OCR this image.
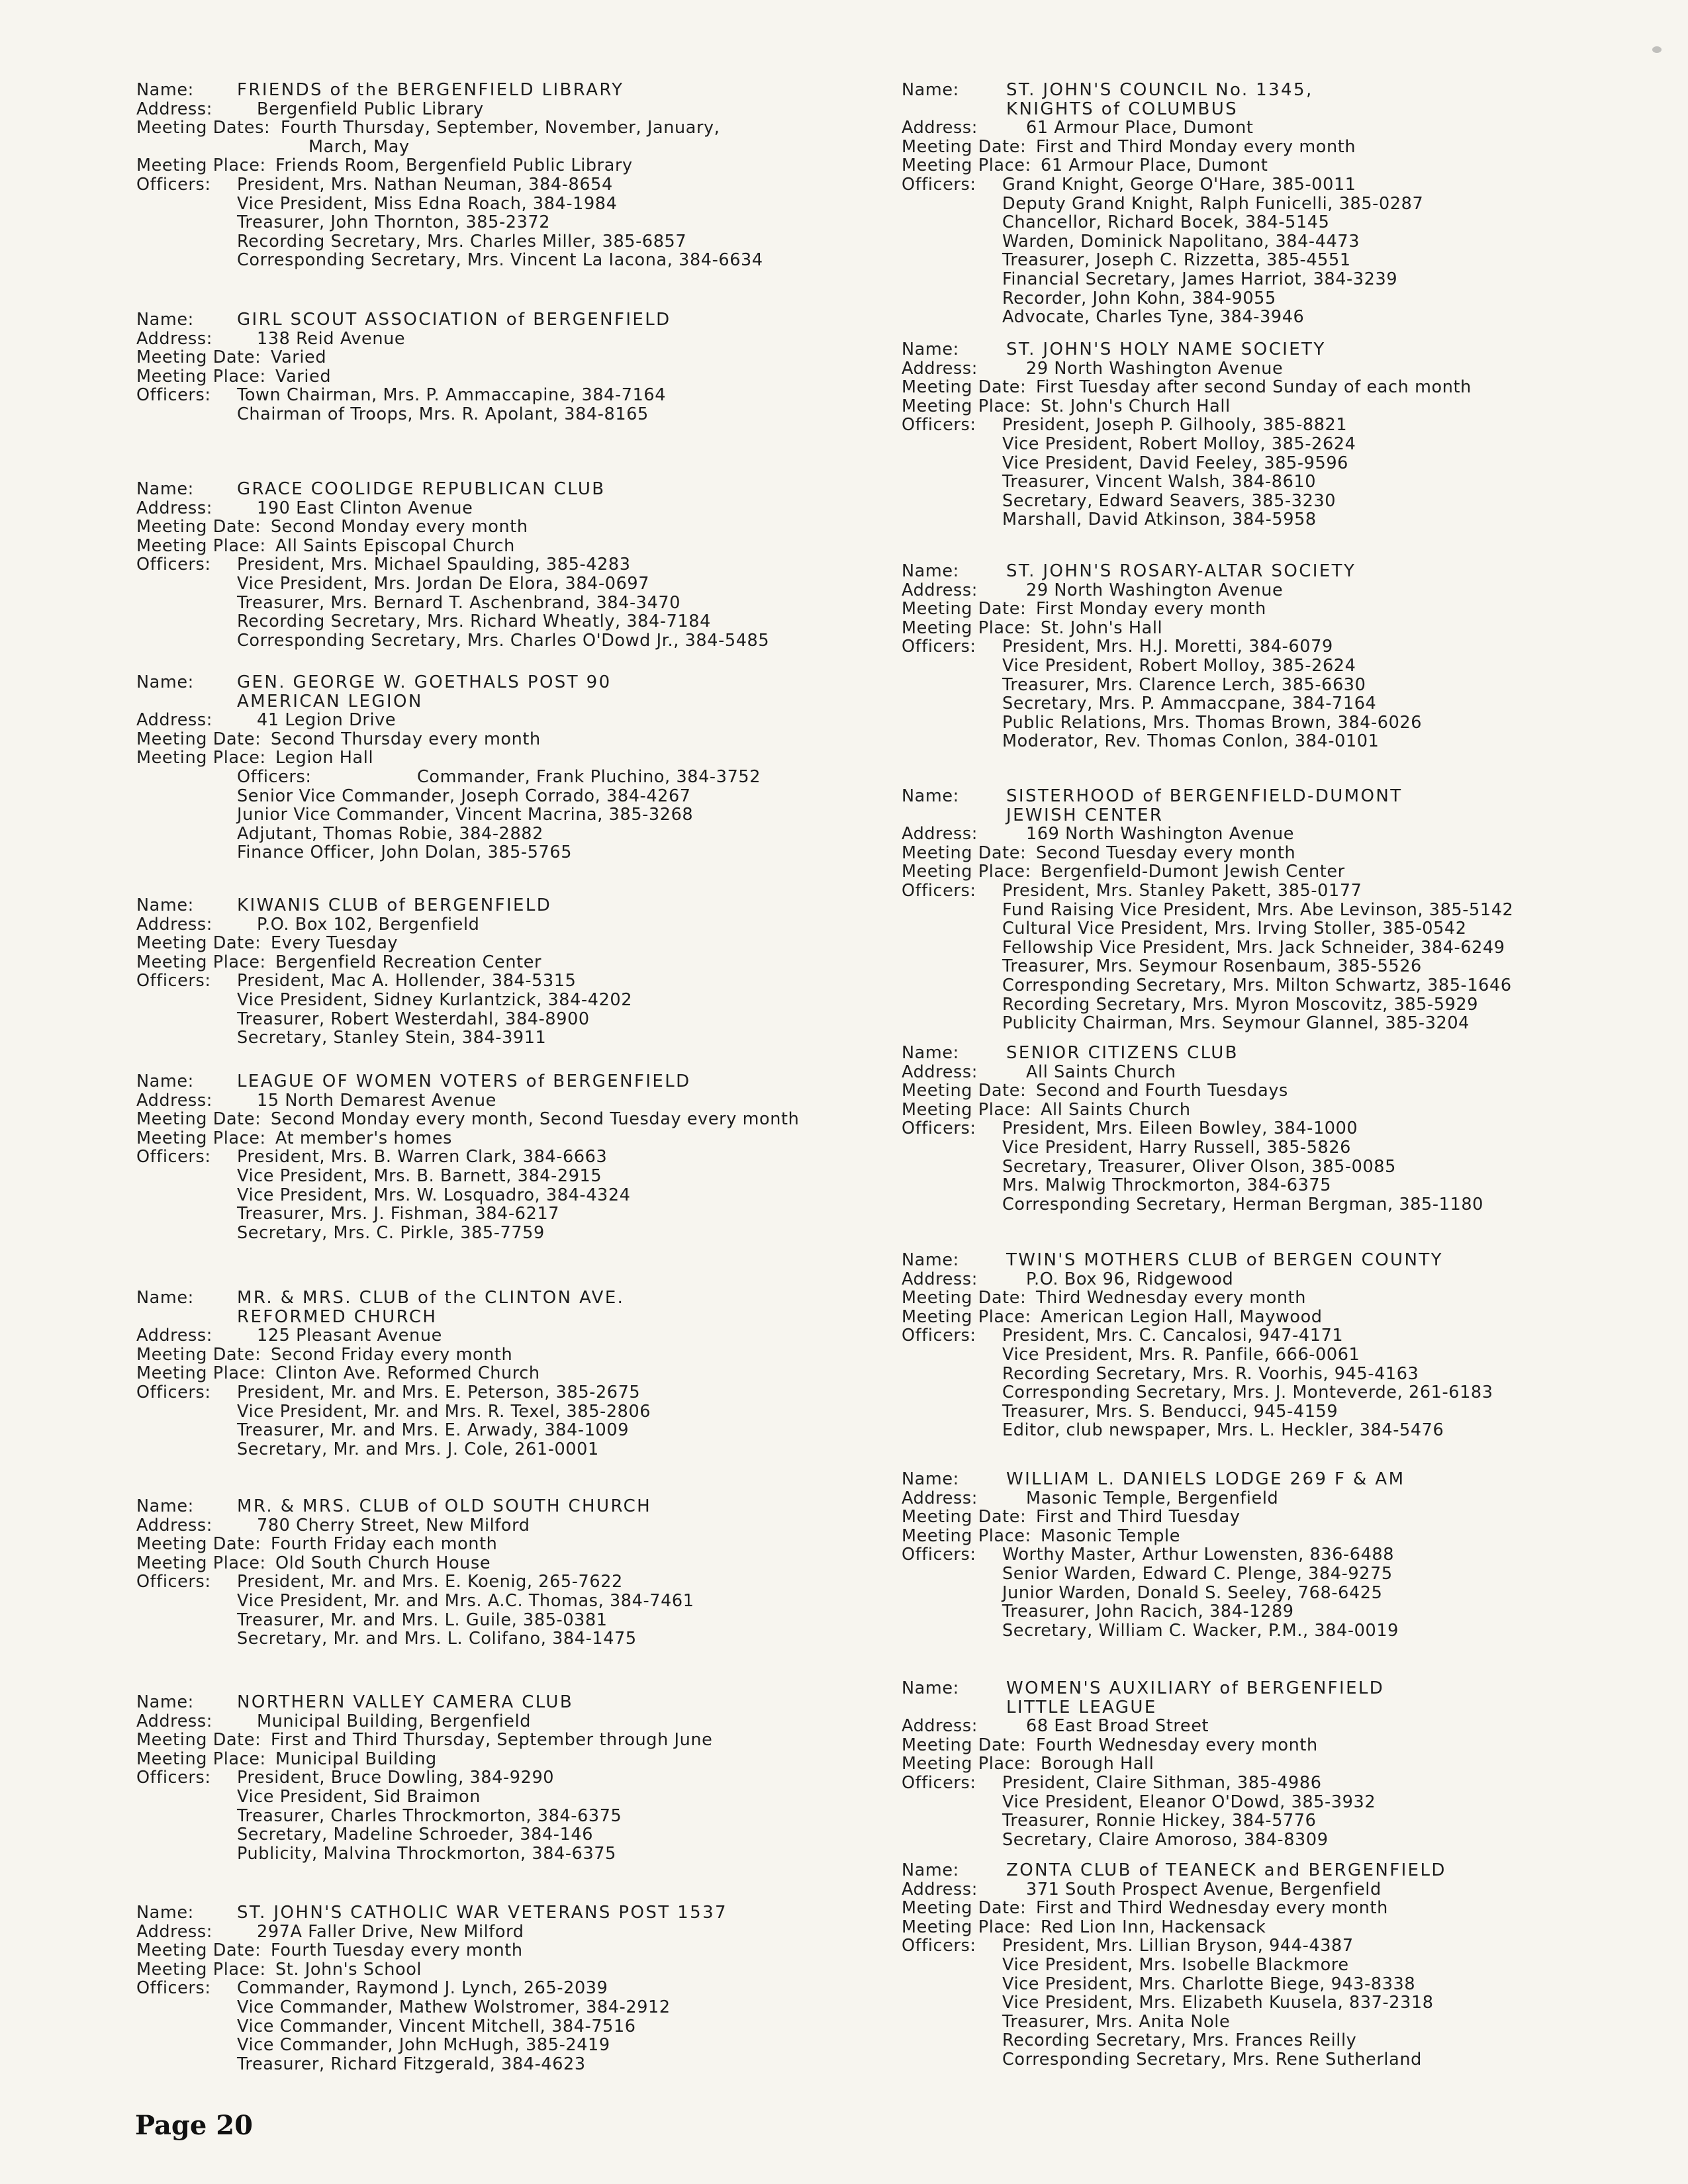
Name:	FRIENDS of the BERGENFIELD LIBRARY
Address:	Bergenfield Public Library
Meeting Dates: Fourth Thursday, September, November, January,
March, May
Meeting Place: Friends Room, Bergenfield Public Library
Officers: President, Mrs. Nathan Neuman, 384-8654
Vice President, Miss Edna Roach, 384-1984
Treasurer, John Thornton, 385-2372
Recording Secretary, Mrs. Charles Miller, 385-6857
Corresponding Secretary, Mrs. Vincent La Iacona, 384-6634
Name:	GIRL SCOUT ASSOCIATION of BERGENFIELD
Address:	138 Reid Avenue
Meeting Date: Varied
Meeting Place: Varied
Officers: Town Chairman, Mrs. P. Ammaccapine, 384-7164
Chairman of Troops, Mrs. R. Apolant, 384-8165
Name:	GRACE COOLIDGE REPUBLICAN CLUB
Address:	190 East Clinton Avenue
Meeting Date: Second Monday every month
Meeting Place: All Saints Episcopal Church
Officers: President, Mrs. Michael Spaulding, 385-4283
Vice President, Mrs. Jordan De Elora, 384-0697
Treasurer, Mrs. Bernard T. Aschenbrand, 384-3470
Recording Secretary, Mrs. Richard Wheatly, 384-7184
Corresponding Secretary, Mrs. Charles O'Dowd Jr., 384-5485
Name:	GEN. GEORGE W. GOETHALS POST 90
AMERICAN LEGION
Address:	41 Legion Drive
Meeting Date: Second Thursday every month
Meeting Place: Legion Hall
Officers:	Commander, Frank Pluchino, 384-3752
Senior Vice Commander, Joseph Corrado, 384-4267
Junior Vice Commander, Vincent Macrina, 385-3268
Adjutant, Thomas Robie, 384-2882
Finance Officer, John Dolan, 385-5765
Name:	KIWANIS CLUB of BERGENFIELD
Address:	P.O. Box 102, Bergenfield
Meeting Date: Every Tuesday
Meeting Place: Bergenfield Recreation Center
Officers: President, Mac A. Hollender, 384-5315
Vice President, Sidney Kurlantzick, 384-4202
Treasurer, Robert Westerdahl, 384-8900
Secretary, Stanley Stein, 384-3911
Name:	LEAGUE OF WOMEN VOTERS of BERGENFIELD
Address:	15 North Demarest Avenue
Meeting Date: Second Monday every month, Second Tuesday every month
Meeting Place: At member's homes
Officers: President, Mrs. B. Warren Clark, 384-6663
Vice President, Mrs. B. Barnett, 384-2915
Vice President, Mrs. W. Losquadro, 384-4324
Treasurer, Mrs. J. Fishman, 384-6217
Secretary, Mrs. C. Pirkle, 385-7759
Name:	MR. & MRS. CLUB of the CLINTON AVE.
REFORMED CHURCH
Address:	125 Pleasant Avenue
Meeting Date: Second Friday every month
Meeting Place: Clinton Ave. Reformed Church
Officers: President, Mr. and Mrs. E. Peterson, 385-2675
Vice President, Mr. and Mrs. R. Texel, 385-2806
Treasurer, Mr. and Mrs. E. Arwady, 384-1009
Secretary, Mr. and Mrs. J. Cole, 261-0001
Name:	MR. & MRS. CLUB of OLD SOUTH CHURCH
Address:	780 Cherry Street, New Milford
Meeting Date: Fourth Friday each month
Meeting Place: Old South Church House
Officers: President, Mr. and Mrs. E. Koenig, 265-7622
Vice President, Mr. and Mrs. A.C. Thomas, 384-7461
Treasurer, Mr. and Mrs. L. Guile, 385-0381
Secretary, Mr. and Mrs. L. Colifano, 384-1475
Name:	NORTHERN VALLEY CAMERA CLUB
Address:	Municipal Building, Bergenfield
Meeting Date: First and Third Thursday, September through June
Meeting Place: Municipal Building
Officers: President, Bruce Dowling, 384-9290
Vice President, Sid Braimon
Treasurer, Charles Throckmorton, 384-6375
Secretary, Madeline Schroeder, 384-146
Publicity, Malvina Throckmorton, 384-6375
Name:	ST. JOHN'S CATHOLIC WAR VETERANS POST 1537
Address:	297A Faller Drive, New Milford
Meeting Date: Fourth Tuesday every month
Meeting Place: St. John's School
Officers: Commander, Raymond J. Lynch, 265-2039
Vice Commander, Mathew Wolstromer, 384-2912
Vice Commander, Vincent Mitchell, 384-7516
Vice Commander, John McHugh, 385-2419
Treasurer, Richard Fitzgerald, 384-4623
Name:	ST. JOHN'S COUNCIL No. 1345,
KNIGHTS of COLUMBUS
Address:	61 Armour Place, Dumont
Meeting Date: First and Third Monday every month
Meeting Place: 61 Armour Place, Dumont
Officers: Grand Knight, George O'Hare, 385-0011
Deputy Grand Knight, Ralph Funicelli, 385-0287
Chancellor, Richard Bocek, 384-5145
Warden, Dominick Napolitano, 384-4473
Treasurer, Joseph C. Rizzetta, 385-4551
Financial Secretary, James Harriot, 384-3239
Recorder, John Kohn, 384-9055
Advocate, Charles Tyne, 384-3946
Name:	ST. JOHN'S HOLY NAME SOCIETY
Address:	29 North Washington Avenue
Meeting Date: First Tuesday after second Sunday of each month
Meeting Place: St. John's Church Hall
Officers: President, Joseph P. Gilhooly, 385-8821
Vice President, Robert Molloy, 385-2624
Vice President, David Feeley, 385-9596
Treasurer, Vincent Walsh, 384-8610
Secretary, Edward Seavers, 385-3230
Marshall, David Atkinson, 384-5958
Name:	ST. JOHN'S ROSARY-ALTAR SOCIETY
Address:	29 North Washington Avenue
Meeting Date: First Monday every month
Meeting Place: St. John's Hall
Officers: President, Mrs. H.J. Moretti, 384-6079
Vice President, Robert Molloy, 385-2624
Treasurer, Mrs. Clarence Lerch, 385-6630
Secretary, Mrs. P. Ammaccpane, 384-7164
Public Relations, Mrs. Thomas Brown, 384-6026
Moderator, Rev. Thomas Conlon, 384-0101
Name:	SISTERHOOD of BERGENFIELD-DUMONT
JEWISH CENTER
Address:	169 North Washington Avenue
Meeting Date: Second Tuesday every month
Meeting Place: Bergenfield-Dumont Jewish Center
Officers: President, Mrs. Stanley Pakett, 385-0177
Fund Raising Vice President, Mrs. Abe Levinson, 385-5142
Cultural Vice President, Mrs. Irving Stoller, 385-0542
Fellowship Vice President, Mrs. Jack Schneider, 384-6249
Treasurer, Mrs. Seymour Rosenbaum, 385-5526
Corresponding Secretary, Mrs. Milton Schwartz, 385-1646
Recording Secretary, Mrs. Myron Moscovitz, 385-5929
Publicity Chairman, Mrs. Seymour Glannel, 385-3204
Name:	SENIOR CITIZENS CLUB
Address:	All Saints Church
Meeting Date: Second and Fourth Tuesdays
Meeting Place: All Saints Church
Officers: President, Mrs. Eileen Bowley, 384-1000
Vice President, Harry Russell, 385-5826
Secretary, Treasurer, Oliver Olson, 385-0085
Mrs. Malwig Throckmorton, 384-6375
Corresponding Secretary, Herman Bergman, 385-1180
Name:	TWIN'S MOTHERS CLUB of BERGEN COUNTY
Address:	P.O. Box 96, Ridgewood
Meeting Date: Third Wednesday every month
Meeting Place: American Legion Hall, Maywood
Officers: President, Mrs. C. Cancalosi, 947-4171
Vice President, Mrs. R. Panfile, 666-0061
Recording Secretary, Mrs. R. Voorhis, 945-4163
Corresponding Secretary, Mrs. J. Monteverde, 261-6183
Treasurer, Mrs. S. Benducci, 945-4159
Editor, club newspaper, Mrs. L. Heckler, 384-5476
Name:	WILLIAM L. DANIELS LODGE 269 F & AM
Address:	Masonic Temple, Bergenfield
Meeting Date: First and Third Tuesday
Meeting Place: Masonic Temple
Officers: Worthy Master, Arthur Lowensten, 836-6488
Senior Warden, Edward C. Plenge, 384-9275
Junior Warden, Donald S. Seeley, 768-6425
Treasurer, John Racich, 384-1289
Secretary, William C. Wacker, P.M., 384-0019
Name:	WOMEN'S AUXILIARY of BERGENFIELD
LITTLE LEAGUE
Address:	68 East Broad Street
Meeting Date: Fourth Wednesday every month
Meeting Place: Borough Hall
Officers: President, Claire Sithman, 385-4986
Vice President, Eleanor O'Dowd, 385-3932
Treasurer, Ronnie Hickey, 384-5776
Secretary, Claire Amoroso, 384-8309
Name:	ZONTA CLUB of TEANECK and BERGENFIELD
Address:	371 South Prospect Avenue, Bergenfield
Meeting Date: First and Third Wednesday every month
Meeting Place: Red Lion Inn, Hackensack
Officers: President, Mrs. Lillian Bryson, 944-4387
Vice President, Mrs. Isobelle Blackmore
Vice President, Mrs. Charlotte Biege, 943-8338
Vice President, Mrs. Elizabeth Kuusela, 837-2318
Treasurer, Mrs. Anita Nole
Recording Secretary, Mrs. Frances Reilly
Corresponding Secretary, Mrs. Rene Sutherland
Page 20
